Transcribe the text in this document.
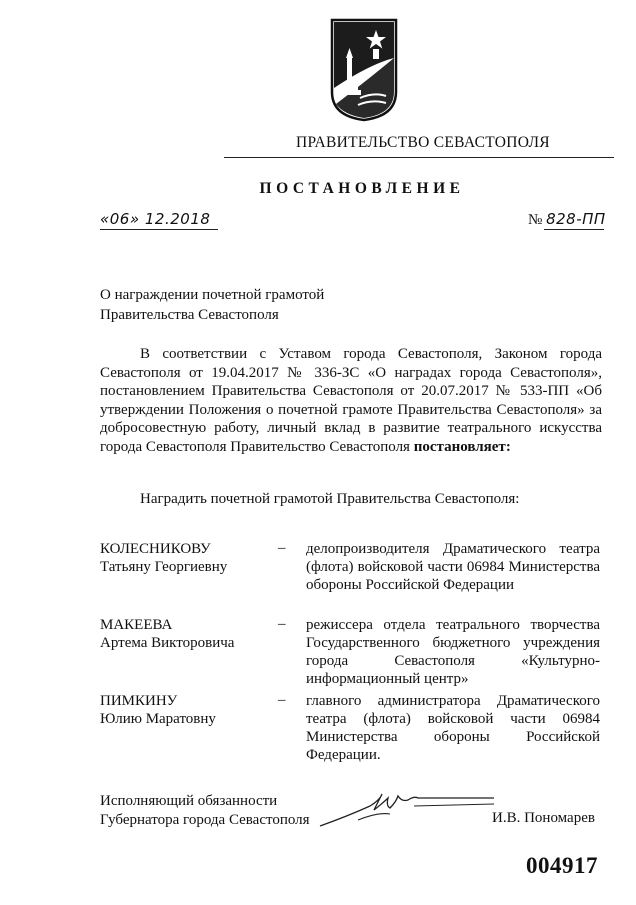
ПРАВИТЕЛЬСТВО СЕВАСТОПОЛЯ
ПОСТАНОВЛЕНИЕ
«06» 12.2018	№ 828-ПП
О награждении почетной грамотой
Правительства Севастополя
В соответствии с Уставом города Севастополя, Законом города Севастополя от 19.04.2017 № 336-ЗС «О наградах города Севастополя», постановлением Правительства Севастополя от 20.07.2017 № 533-ПП «Об утверждении Положения о почетной грамоте Правительства Севастополя» за добросовестную работу, личный вклад в развитие театрального искусства города Севастополя Правительство Севастополя постановляет:
Наградить почетной грамотой Правительства Севастополя:
КОЛЕСНИКОВУ
Татьяну Георгиевну
– делопроизводителя Драматического театра (флота) войсковой части 06984 Министерства обороны Российской Федерации
МАКЕЕВА
Артема Викторовича
– режиссера отдела театрального творчества Государственного бюджетного учреждения города Севастополя «Культурно-информационный центр»
ПИМКИНУ
Юлию Маратовну
– главного администратора Драматического театра (флота) войсковой части 06984 Министерства обороны Российской Федерации.
Исполняющий обязанности
Губернатора города Севастополя	И.В. Пономарев
004917
